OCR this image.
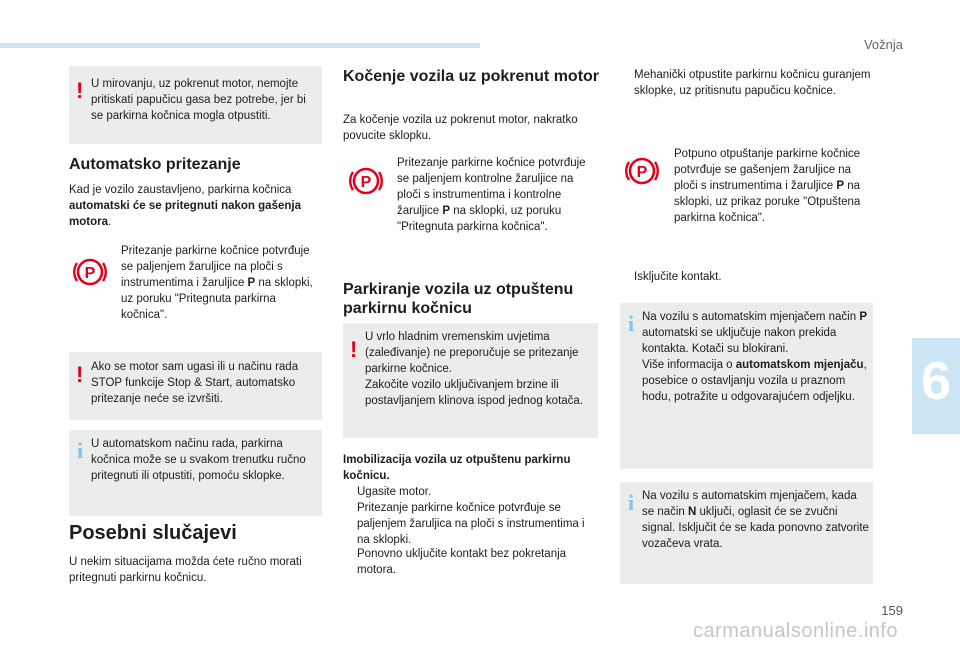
Vožnja
6
159
carmanualsonline.info
! U mirovanju, uz pokrenut motor, nemojte pritiskati papučicu gasa bez potrebe, jer bi se parkirna kočnica mogla otpustiti.
Automatsko pritezanje
Kad je vozilo zaustavljeno, parkirna kočnica automatski će se pritegnuti nakon gašenja motora.
P
Pritezanje parkirne kočnice potvrđuje se paljenjem žaruljice na ploči s instrumentima i žaruljice P na sklopki, uz poruku "Pritegnuta parkirna kočnica".
! Ako se motor sam ugasi ili u načinu rada STOP funkcije Stop & Start, automatsko pritezanje neće se izvršiti.
i U automatskom načinu rada, parkirna kočnica može se u svakom trenutku ručno pritegnuti ili otpustiti, pomoću sklopke.
Posebni slučajevi
U nekim situacijama možda ćete ručno morati pritegnuti parkirnu kočnicu.
Kočenje vozila uz pokrenut motor
Za kočenje vozila uz pokrenut motor, nakratko povucite sklopku.
P
Pritezanje parkirne kočnice potvrđuje se paljenjem kontrolne žaruljice na ploči s instrumentima i kontrolne žaruljice P na sklopki, uz poruku "Pritegnuta parkirna kočnica".
Parkiranje vozila uz otpuštenu parkirnu kočnicu
! U vrlo hladnim vremenskim uvjetima (zaleđivanje) ne preporučuje se pritezanje parkirne kočnice.
Zakočite vozilo uključivanjem brzine ili postavljanjem klinova ispod jednog kotača.
Imobilizacija vozila uz otpuštenu parkirnu kočnicu.
Ugasite motor.
Pritezanje parkirne kočnice potvrđuje se paljenjem žaruljica na ploči s instrumentima i na sklopki.
Ponovno uključite kontakt bez pokretanja motora.
Mehanički otpustite parkirnu kočnicu guranjem sklopke, uz pritisnutu papučicu kočnice.
P
Potpuno otpuštanje parkirne kočnice potvrđuje se gašenjem žaruljice na ploči s instrumentima i žaruljice P na sklopki, uz prikaz poruke "Otpuštena parkirna kočnica".
Isključite kontakt.
i Na vozilu s automatskim mjenjačem način P automatski se uključuje nakon prekida kontakta. Kotači su blokirani.
Više informacija o automatskom mjenjaču, posebice o ostavljanju vozila u praznom hodu, potražite u odgovarajućem odjeljku.
i Na vozilu s automatskim mjenjačem, kada se način N uključi, oglasit će se zvučni signal. Isključit će se kada ponovno zatvorite vozačeva vrata.
